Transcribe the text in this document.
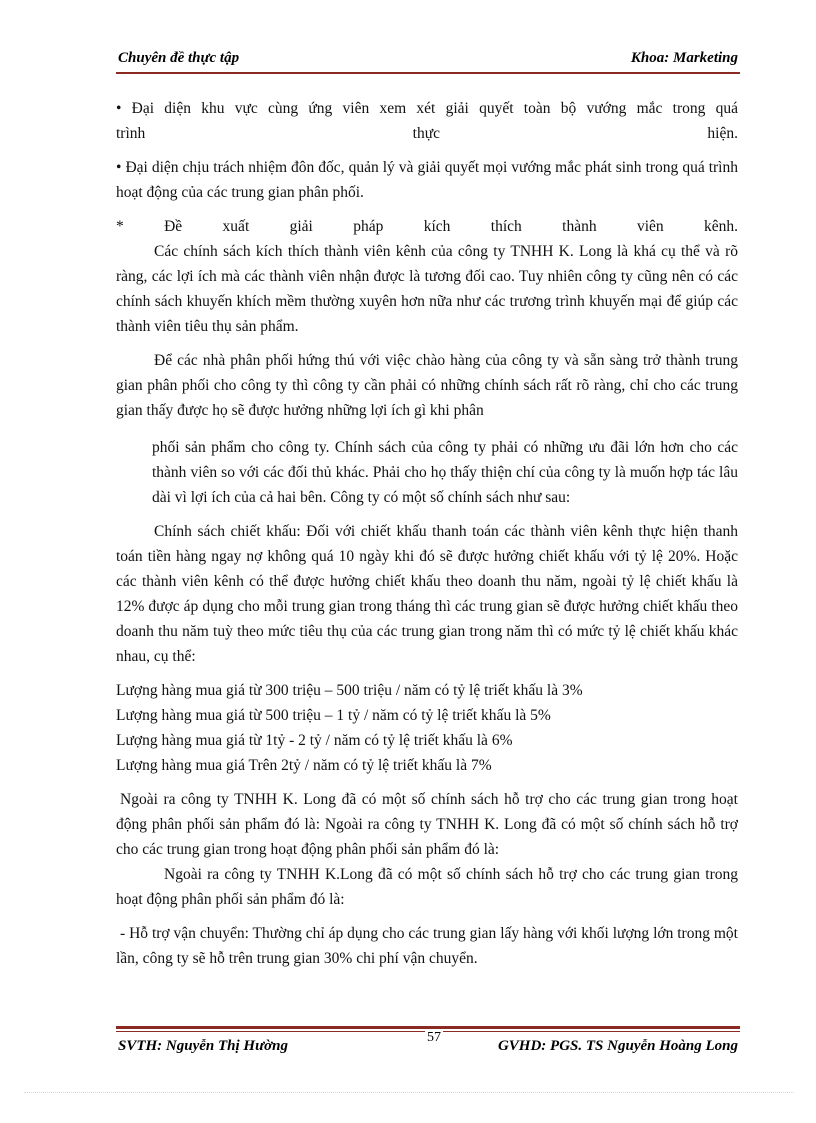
Chuyên đề thực tập	Khoa: Marketing

• Đại diện khu vực cùng ứng viên xem xét giải quyết toàn bộ vướng mắc trong quá

trình thực hiện.

• Đại diện chịu trách nhiệm đôn đốc, quản lý và giải quyết mọi vướng mắc phát sinh trong quá trình hoạt động của các trung gian phân phối.

* Đề xuất giải pháp kích thích thành viên kênh.

Các chính sách kích thích thành viên kênh của công ty TNHH K. Long là khá cụ thể và rõ ràng, các lợi ích mà các thành viên nhận được là tương đối cao. Tuy nhiên công ty cũng nên có các chính sách khuyến khích mềm thường xuyên hơn nữa như các trương trình khuyến mại để giúp các thành viên tiêu thụ sản phẩm.

Để các nhà phân phối hứng thú với việc chào hàng của công ty và sẵn sàng trở thành trung gian phân phối cho công ty thì công ty cần phải có những chính sách rất rõ ràng, chỉ cho các trung gian thấy được họ sẽ được hưởng những lợi ích gì khi phân

phối sản phẩm cho công ty. Chính sách của công ty phải có những ưu đãi lớn hơn cho các thành viên so với các đối thủ khác. Phải cho họ thấy thiện chí của công ty là muốn hợp tác lâu dài vì lợi ích của cả hai bên. Công ty có một số chính sách như sau:

Chính sách chiết khấu: Đối với chiết khấu thanh toán các thành viên kênh thực hiện thanh toán tiền hàng ngay nợ không quá 10 ngày khi đó sẽ được hưởng chiết khấu với tỷ lệ 20%. Hoặc các thành viên kênh có thể được hưởng chiết khấu theo doanh thu năm, ngoài tỷ lệ chiết khấu là 12% được áp dụng cho mỗi trung gian trong tháng thì các trung gian sẽ được hưởng chiết khấu theo doanh thu năm tuỳ theo mức tiêu thụ của các trung gian trong năm thì có mức tỷ lệ chiết khấu khác nhau, cụ thể:

Lượng hàng mua giá từ 300 triệu – 500 triệu / năm có tỷ lệ triết khấu là 3%

Lượng hàng mua giá từ 500 triệu – 1 tỷ / năm có tỷ lệ triết khấu là 5%

Lượng hàng mua giá từ 1tỷ - 2 tỷ / năm có tỷ lệ triết khấu là 6%

Lượng hàng mua giá Trên 2tỷ / năm có tỷ lệ triết khấu là 7%

Ngoài ra công ty TNHH K. Long đã có một số chính sách hỗ trợ cho các trung gian trong hoạt động phân phối sản phẩm đó là: Ngoài ra công ty TNHH K. Long đã có một số chính sách hỗ trợ cho các trung gian trong hoạt động phân phối sản phẩm đó là:

Ngoài ra công ty TNHH K.Long đã có một số chính sách hỗ trợ cho các trung gian trong hoạt động phân phối sản phẩm đó là:

- Hỗ trợ vận chuyển: Thường chỉ áp dụng cho các trung gian lấy hàng với khối lượng lớn trong một lần, công ty sẽ hỗ trên trung gian 30% chi phí vận chuyển.

57
SVTH: Nguyễn Thị Hường	GVHD: PGS. TS Nguyễn Hoàng Long
